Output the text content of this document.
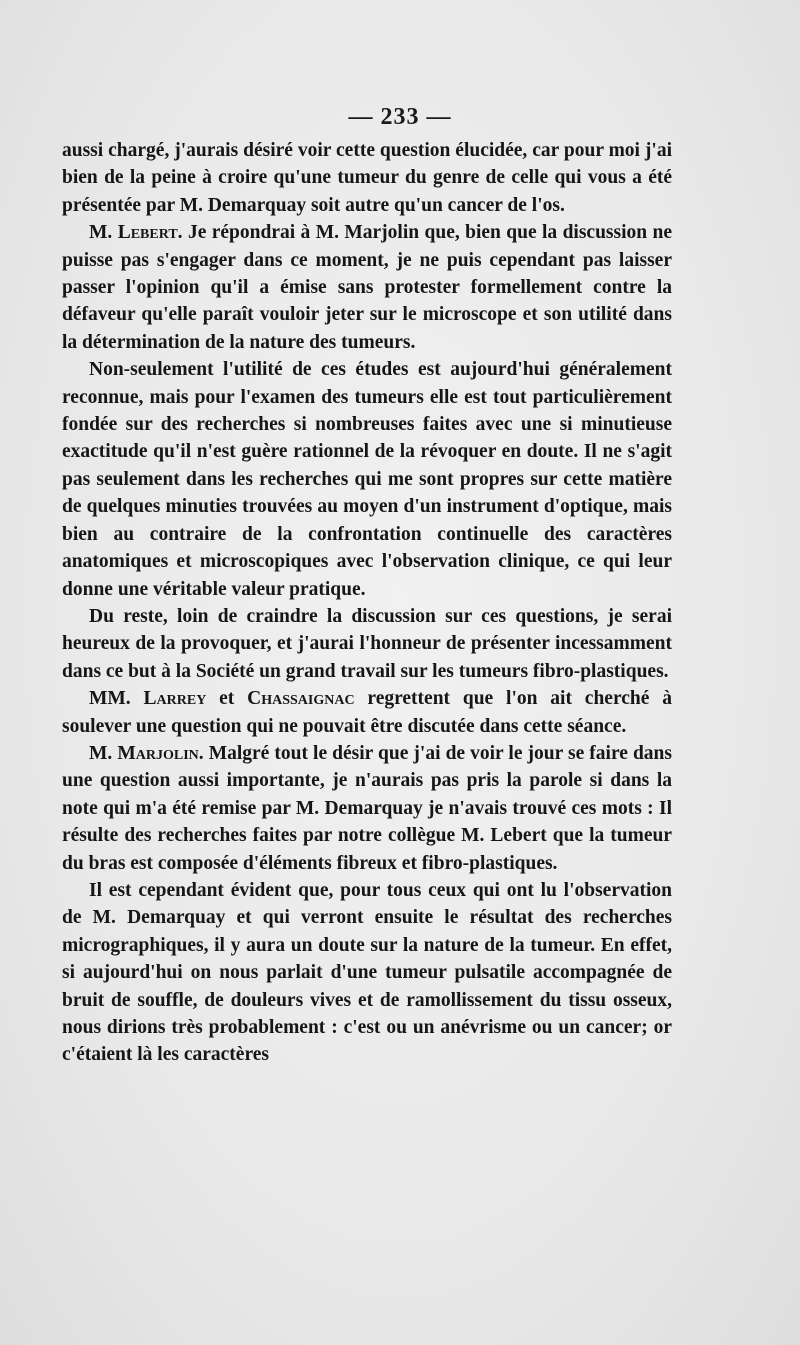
— 233 —

aussi chargé, j'aurais désiré voir cette question élucidée, car pour moi j'ai bien de la peine à croire qu'une tumeur du genre de celle qui vous a été présentée par M. Demarquay soit autre qu'un cancer de l'os.

M. Lebert. Je répondrai à M. Marjolin que, bien que la discussion ne puisse pas s'engager dans ce moment, je ne puis cependant pas laisser passer l'opinion qu'il a émise sans protester formellement contre la défaveur qu'elle paraît vouloir jeter sur le microscope et son utilité dans la détermination de la nature des tumeurs.

Non-seulement l'utilité de ces études est aujourd'hui généralement reconnue, mais pour l'examen des tumeurs elle est tout particulièrement fondée sur des recherches si nombreuses faites avec une si minutieuse exactitude qu'il n'est guère rationnel de la révoquer en doute. Il ne s'agit pas seulement dans les recherches qui me sont propres sur cette matière de quelques minuties trouvées au moyen d'un instrument d'optique, mais bien au contraire de la confrontation continuelle des caractères anatomiques et microscopiques avec l'observation clinique, ce qui leur donne une véritable valeur pratique.

Du reste, loin de craindre la discussion sur ces questions, je serai heureux de la provoquer, et j'aurai l'honneur de présenter incessamment dans ce but à la Société un grand travail sur les tumeurs fibro-plastiques.

MM. Larrey et Chassaignac regrettent que l'on ait cherché à soulever une question qui ne pouvait être discutée dans cette séance.

M. Marjolin. Malgré tout le désir que j'ai de voir le jour se faire dans une question aussi importante, je n'aurais pas pris la parole si dans la note qui m'a été remise par M. Demarquay je n'avais trouvé ces mots : Il résulte des recherches faites par notre collègue M. Lebert que la tumeur du bras est composée d'éléments fibreux et fibro-plastiques.

Il est cependant évident que, pour tous ceux qui ont lu l'observation de M. Demarquay et qui verront ensuite le résultat des recherches micrographiques, il y aura un doute sur la nature de la tumeur. En effet, si aujourd'hui on nous parlait d'une tumeur pulsatile accompagnée de bruit de souffle, de douleurs vives et de ramollissement du tissu osseux, nous dirions très probablement : c'est ou un anévrisme ou un cancer; or c'étaient là les caractères
